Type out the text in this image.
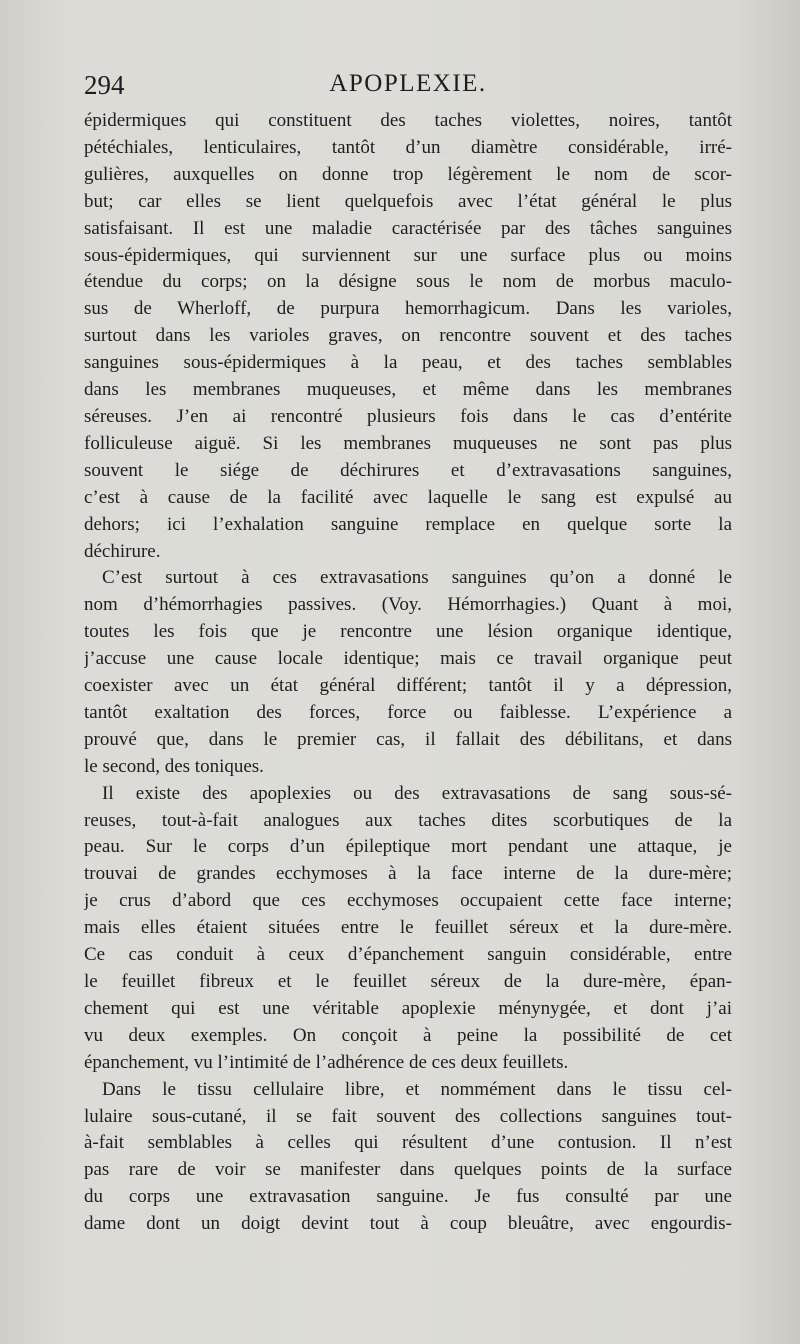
294	APOPLEXIE.
épidermiques qui constituent des taches violettes, noires, tantôt
pétéchiales, lenticulaires, tantôt d’un diamètre considérable, irré-
gulières, auxquelles on donne trop légèrement le nom de scor-
but; car elles se lient quelquefois avec l’état général le plus
satisfaisant. Il est une maladie caractérisée par des tâches sanguines
sous-épidermiques, qui surviennent sur une surface plus ou moins
étendue du corps; on la désigne sous le nom de morbus maculo-
sus de Wherloff, de purpura hemorrhagicum. Dans les varioles,
surtout dans les varioles graves, on rencontre souvent et des taches
sanguines sous-épidermiques à la peau, et des taches semblables
dans les membranes muqueuses, et même dans les membranes
séreuses. J’en ai rencontré plusieurs fois dans le cas d’entérite
folliculeuse aiguë. Si les membranes muqueuses ne sont pas plus
souvent le siége de déchirures et d’extravasations sanguines,
c’est à cause de la facilité avec laquelle le sang est expulsé au
dehors; ici l’exhalation sanguine remplace en quelque sorte la
déchirure.
C’est surtout à ces extravasations sanguines qu’on a donné le
nom d’hémorrhagies passives. (Voy. Hémorrhagies.) Quant à moi,
toutes les fois que je rencontre une lésion organique identique,
j’accuse une cause locale identique; mais ce travail organique peut
coexister avec un état général différent; tantôt il y a dépression,
tantôt exaltation des forces, force ou faiblesse. L’expérience a
prouvé que, dans le premier cas, il fallait des débilitans, et dans
le second, des toniques.
Il existe des apoplexies ou des extravasations de sang sous-sé-
reuses, tout-à-fait analogues aux taches dites scorbutiques de la
peau. Sur le corps d’un épileptique mort pendant une attaque, je
trouvai de grandes ecchymoses à la face interne de la dure-mère;
je crus d’abord que ces ecchymoses occupaient cette face interne;
mais elles étaient situées entre le feuillet séreux et la dure-mère.
Ce cas conduit à ceux d’épanchement sanguin considérable, entre
le feuillet fibreux et le feuillet séreux de la dure-mère, épan-
chement qui est une véritable apoplexie ménynygée, et dont j’ai
vu deux exemples. On conçoit à peine la possibilité de cet
épanchement, vu l’intimité de l’adhérence de ces deux feuillets.
Dans le tissu cellulaire libre, et nommément dans le tissu cel-
lulaire sous-cutané, il se fait souvent des collections sanguines tout-
à-fait semblables à celles qui résultent d’une contusion. Il n’est
pas rare de voir se manifester dans quelques points de la surface
du corps une extravasation sanguine. Je fus consulté par une
dame dont un doigt devint tout à coup bleuâtre, avec engourdis-
